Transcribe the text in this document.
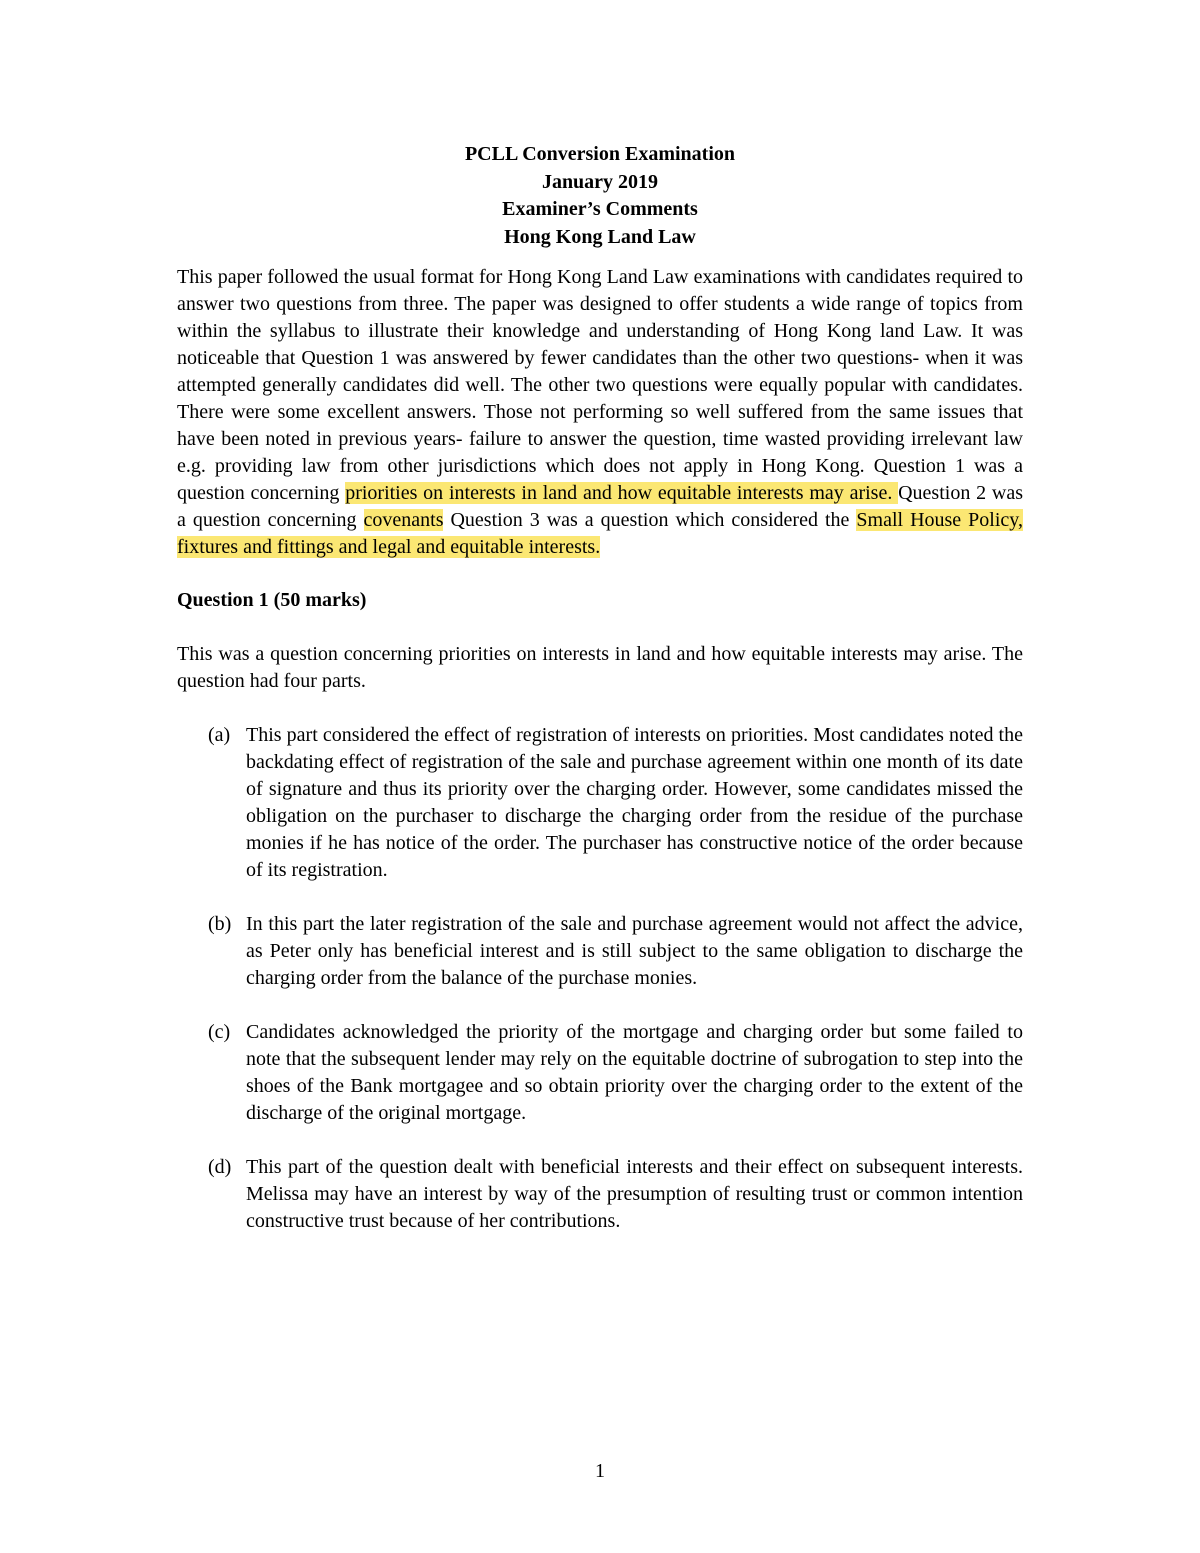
PCLL Conversion Examination
January 2019
Examiner’s Comments
Hong Kong Land Law

This paper followed the usual format for Hong Kong Land Law examinations with candidates required to answer two questions from three. The paper was designed to offer students a wide range of topics from within the syllabus to illustrate their knowledge and understanding of Hong Kong land Law. It was noticeable that Question 1 was answered by fewer candidates than the other two questions- when it was attempted generally candidates did well. The other two questions were equally popular with candidates. There were some excellent answers. Those not performing so well suffered from the same issues that have been noted in previous years- failure to answer the question, time wasted providing irrelevant law e.g. providing law from other jurisdictions which does not apply in Hong Kong. Question 1 was a question concerning priorities on interests in land and how equitable interests may arise. Question 2 was a question concerning covenants Question 3 was a question which considered the Small House Policy, fixtures and fittings and legal and equitable interests.

Question 1 (50 marks)

This was a question concerning priorities on interests in land and how equitable interests may arise. The question had four parts.

(a) This part considered the effect of registration of interests on priorities. Most candidates noted the backdating effect of registration of the sale and purchase agreement within one month of its date of signature and thus its priority over the charging order. However, some candidates missed the obligation on the purchaser to discharge the charging order from the residue of the purchase monies if he has notice of the order. The purchaser has constructive notice of the order because of its registration.
(b) In this part the later registration of the sale and purchase agreement would not affect the advice, as Peter only has beneficial interest and is still subject to the same obligation to discharge the charging order from the balance of the purchase monies.
(c) Candidates acknowledged the priority of the mortgage and charging order but some failed to note that the subsequent lender may rely on the equitable doctrine of subrogation to step into the shoes of the Bank mortgagee and so obtain priority over the charging order to the extent of the discharge of the original mortgage.
(d) This part of the question dealt with beneficial interests and their effect on subsequent interests. Melissa may have an interest by way of the presumption of resulting trust or common intention constructive trust because of her contributions.
1
